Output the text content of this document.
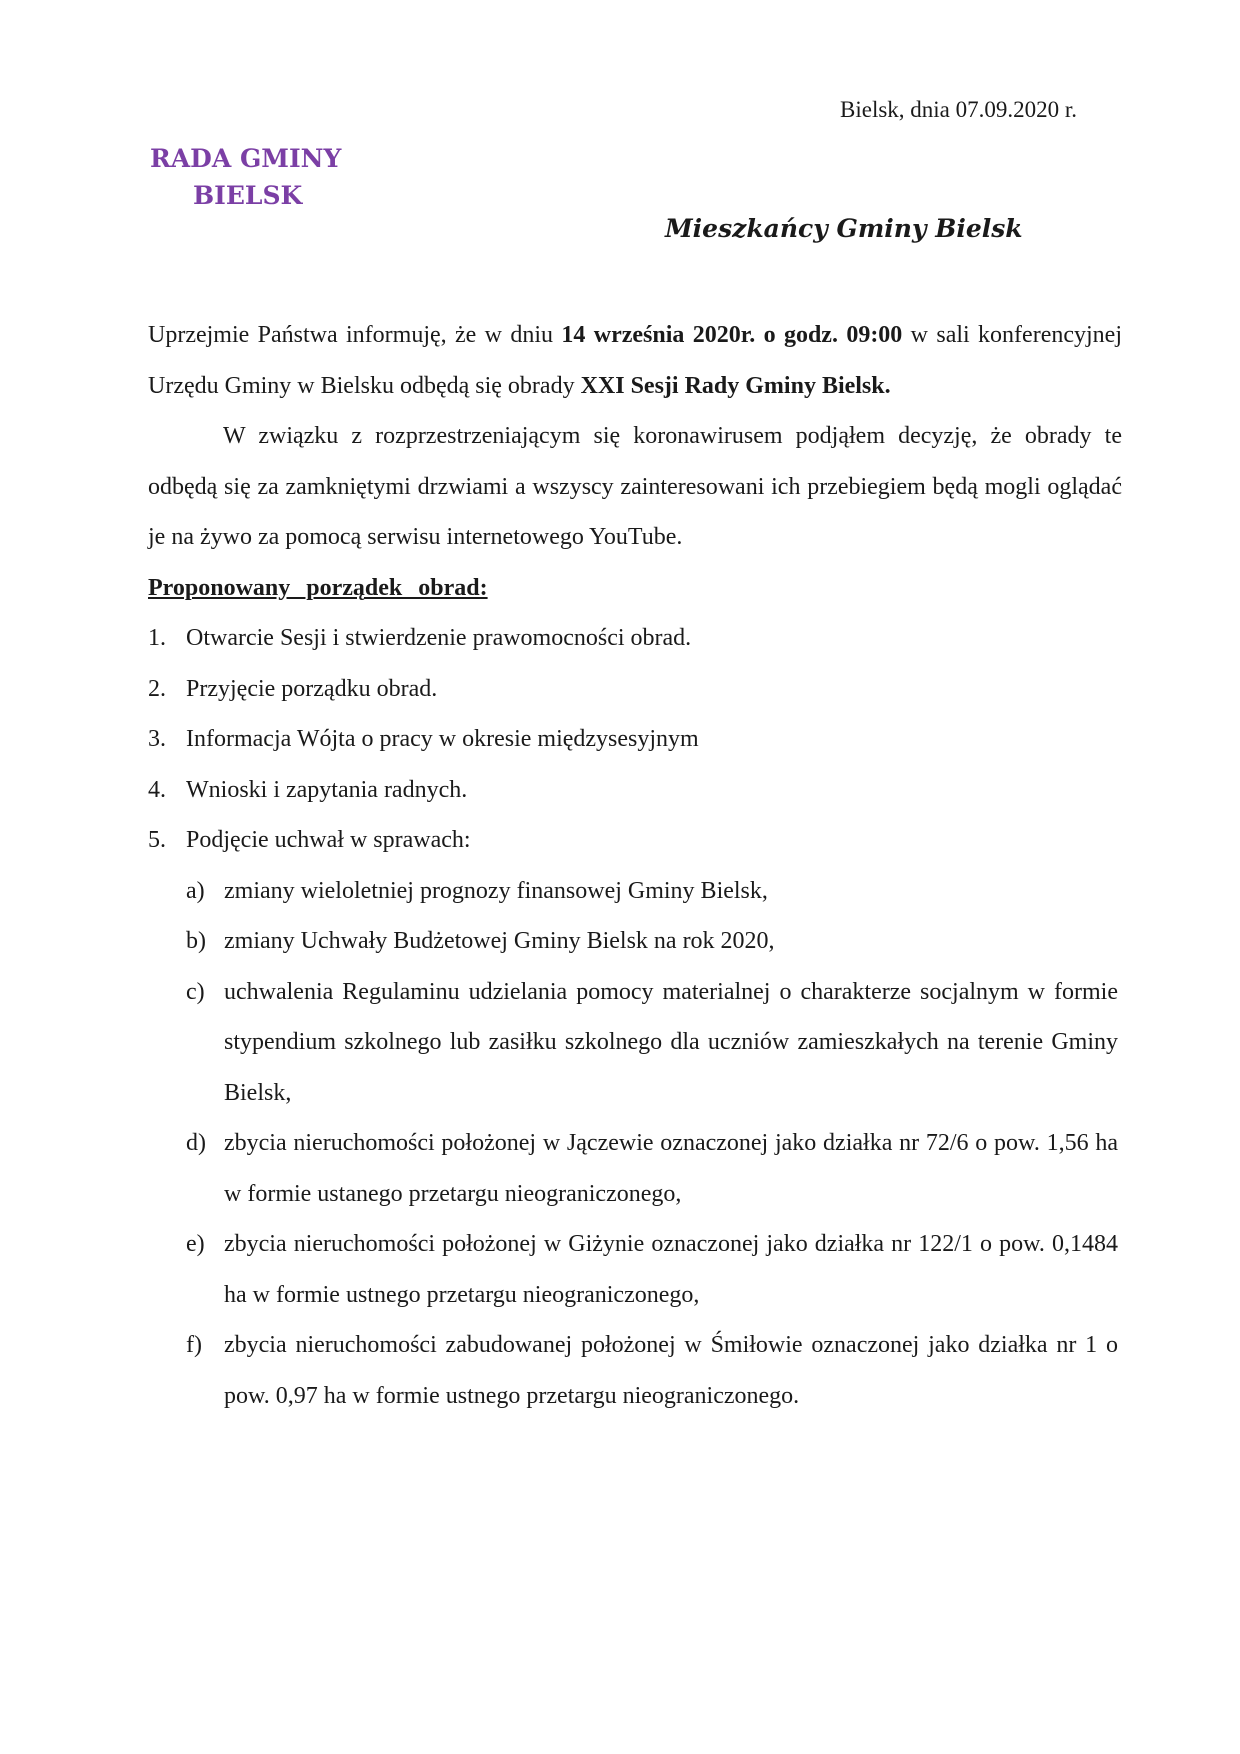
Bielsk, dnia 07.09.2020 r.
RADA GMINY
BIELSK
Mieszkańcy Gminy Bielsk

Uprzejmie Państwa informuję, że w dniu 14 września 2020r. o godz. 09:00 w sali konferencyjnej Urzędu Gminy w Bielsku odbędą się obrady XXI Sesji Rady Gminy Bielsk.

W związku z rozprzestrzeniającym się koronawirusem podjąłem decyzję, że obrady te odbędą się za zamkniętymi drzwiami a wszyscy zainteresowani ich przebiegiem będą mogli oglądać je na żywo za pomocą serwisu internetowego YouTube.

Proponowany porządek obrad:

1. Otwarcie Sesji i stwierdzenie prawomocności obrad.
2. Przyjęcie porządku obrad.
3. Informacja Wójta o pracy w okresie międzysesyjnym
4. Wnioski i zapytania radnych.
5. Podjęcie uchwał w sprawach:
a) zmiany wieloletniej prognozy finansowej Gminy Bielsk,
b) zmiany Uchwały Budżetowej Gminy Bielsk na rok 2020,
c) uchwalenia Regulaminu udzielania pomocy materialnej o charakterze socjalnym w formie stypendium szkolnego lub zasiłku szkolnego dla uczniów zamieszkałych na terenie Gminy Bielsk,
d) zbycia nieruchomości położonej w Jączewie oznaczonej jako działka nr 72/6 o pow. 1,56 ha w formie ustanego przetargu nieograniczonego,
e) zbycia nieruchomości położonej w Giżynie oznaczonej jako działka nr 122/1 o pow. 0,1484 ha w formie ustnego przetargu nieograniczonego,
f) zbycia nieruchomości zabudowanej położonej w Śmiłowie oznaczonej jako działka nr 1 o pow. 0,97 ha w formie ustnego przetargu nieograniczonego.
